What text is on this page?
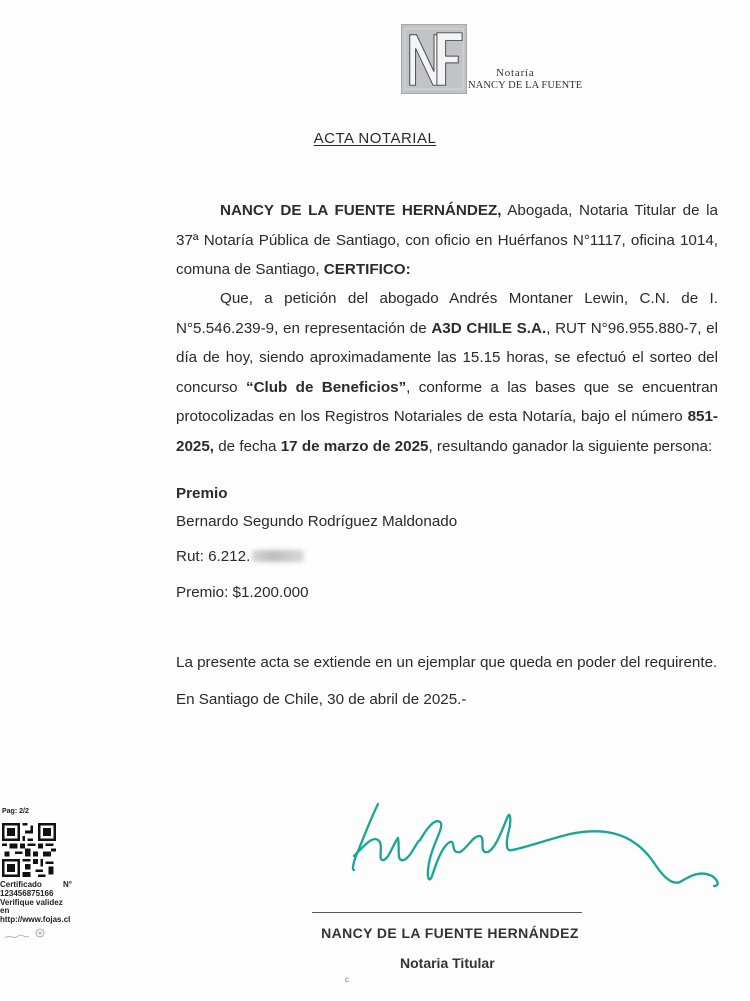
Notaría
NANCY DE LA FUENTE
ACTA NOTARIAL
NANCY DE LA FUENTE HERNÁNDEZ, Abogada, Notaria Titular de la 37ª Notaría Pública de Santiago, con oficio en Huérfanos N°1117, oficina 1014, comuna de Santiago, CERTIFICO:
Que, a petición del abogado Andrés Montaner Lewin, C.N. de I. N°5.546.239-9, en representación de A3D CHILE S.A., RUT N°96.955.880-7, el día de hoy, siendo aproximadamente las 15.15 horas, se efectuó el sorteo del concurso “Club de Beneficios”, conforme a las bases que se encuentran protocolizadas en los Registros Notariales de esta Notaría, bajo el número 851-2025, de fecha 17 de marzo de 2025, resultando ganador la siguiente persona:
Premio
Bernardo Segundo Rodríguez Maldonado
Rut: 6.212.
Premio: $1.200.000
La presente acta se extiende en un ejemplar que queda en poder del requirente.
En Santiago de Chile, 30 de abril de 2025.-
Pag: 2/2
Certificado	N°
123456875166
Verifique validez en
http://www.fojas.cl
NANCY DE LA FUENTE HERNÁNDEZ
Notaria Titular
c
